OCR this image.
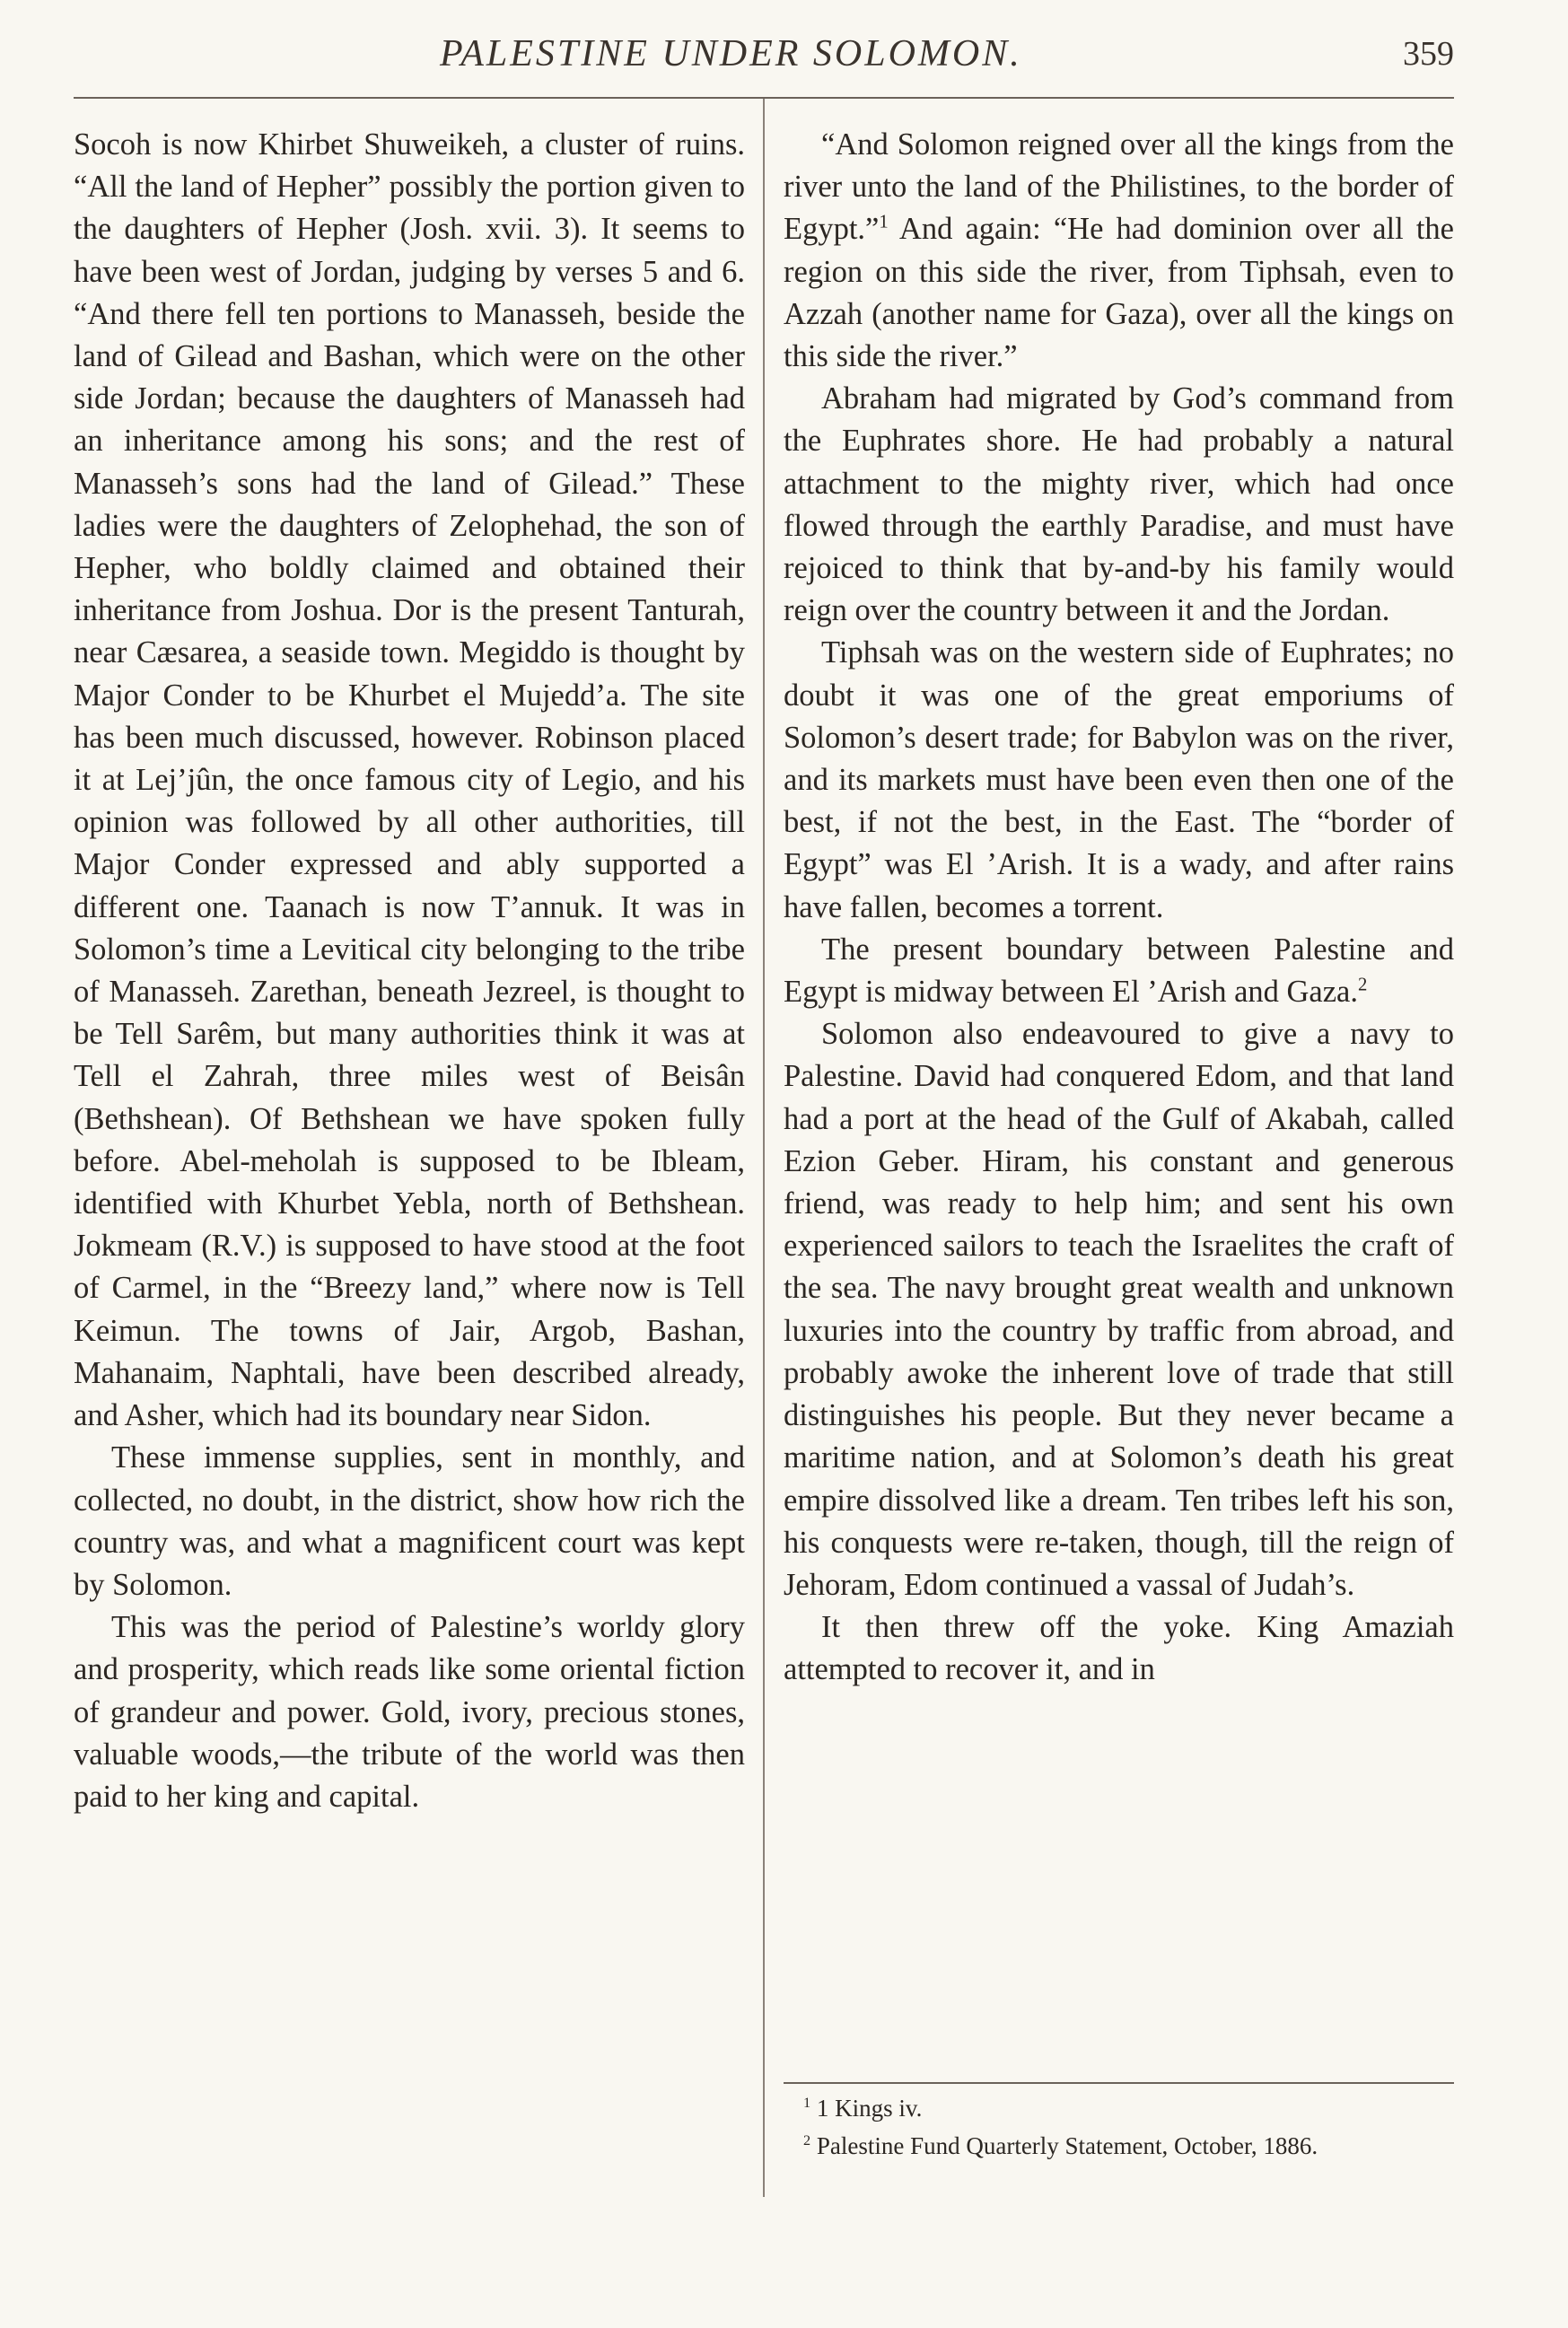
PALESTINE UNDER SOLOMON.	359

Socoh is now Khirbet Shuweikeh, a cluster of ruins. “All the land of Hepher” possibly the portion given to the daughters of Hepher (Josh. xvii. 3). It seems to have been west of Jordan, judging by verses 5 and 6. “And there fell ten portions to Manasseh, beside the land of Gilead and Bashan, which were on the other side Jordan; because the daughters of Manasseh had an inheritance among his sons; and the rest of Manasseh’s sons had the land of Gilead.” These ladies were the daughters of Zelophehad, the son of Hepher, who boldly claimed and obtained their inheritance from Joshua. Dor is the present Tanturah, near Cæsarea, a seaside town. Megiddo is thought by Major Conder to be Khurbet el Mujedd’a. The site has been much discussed, however. Robinson placed it at Lej’jûn, the once famous city of Legio, and his opinion was followed by all other authorities, till Major Conder expressed and ably supported a different one. Taanach is now T’annuk. It was in Solomon’s time a Levitical city belonging to the tribe of Manasseh. Zarethan, beneath Jezreel, is thought to be Tell Sarêm, but many authorities think it was at Tell el Zahrah, three miles west of Beisân (Bethshean). Of Bethshean we have spoken fully before. Abel-meholah is supposed to be Ibleam, identified with Khurbet Yebla, north of Bethshean. Jokmeam (R.V.) is supposed to have stood at the foot of Carmel, in the “Breezy land,” where now is Tell Keimun. The towns of Jair, Argob, Bashan, Mahanaim, Naphtali, have been described already, and Asher, which had its boundary near Sidon.

These immense supplies, sent in monthly, and collected, no doubt, in the district, show how rich the country was, and what a magnificent court was kept by Solomon.

This was the period of Palestine’s worldy glory and prosperity, which reads like some oriental fiction of grandeur and power. Gold, ivory, precious stones, valuable woods,—the tribute of the world was then paid to her king and capital.

“And Solomon reigned over all the kings from the river unto the land of the Philistines, to the border of Egypt.”$^1$ And again: “He had dominion over all the region on this side the river, from Tiphsah, even to Azzah (another name for Gaza), over all the kings on this side the river.”

Abraham had migrated by God’s command from the Euphrates shore. He had probably a natural attachment to the mighty river, which had once flowed through the earthly Paradise, and must have rejoiced to think that by-and-by his family would reign over the country between it and the Jordan.

Tiphsah was on the western side of Euphrates; no doubt it was one of the great emporiums of Solomon’s desert trade; for Babylon was on the river, and its markets must have been even then one of the best, if not the best, in the East. The “border of Egypt” was El ’Arish. It is a wady, and after rains have fallen, becomes a torrent.

The present boundary between Palestine and Egypt is midway between El ’Arish and Gaza.$^2$

Solomon also endeavoured to give a navy to Palestine. David had conquered Edom, and that land had a port at the head of the Gulf of Akabah, called Ezion Geber. Hiram, his constant and generous friend, was ready to help him; and sent his own experienced sailors to teach the Israelites the craft of the sea. The navy brought great wealth and unknown luxuries into the country by traffic from abroad, and probably awoke the inherent love of trade that still distinguishes his people. But they never became a maritime nation, and at Solomon’s death his great empire dissolved like a dream. Ten tribes left his son, his conquests were re-taken, though, till the reign of Jehoram, Edom continued a vassal of Judah’s.

It then threw off the yoke. King Amaziah attempted to recover it, and in

$^1$ 1 Kings iv.

$^2$ Palestine Fund Quarterly Statement, October, 1886.
